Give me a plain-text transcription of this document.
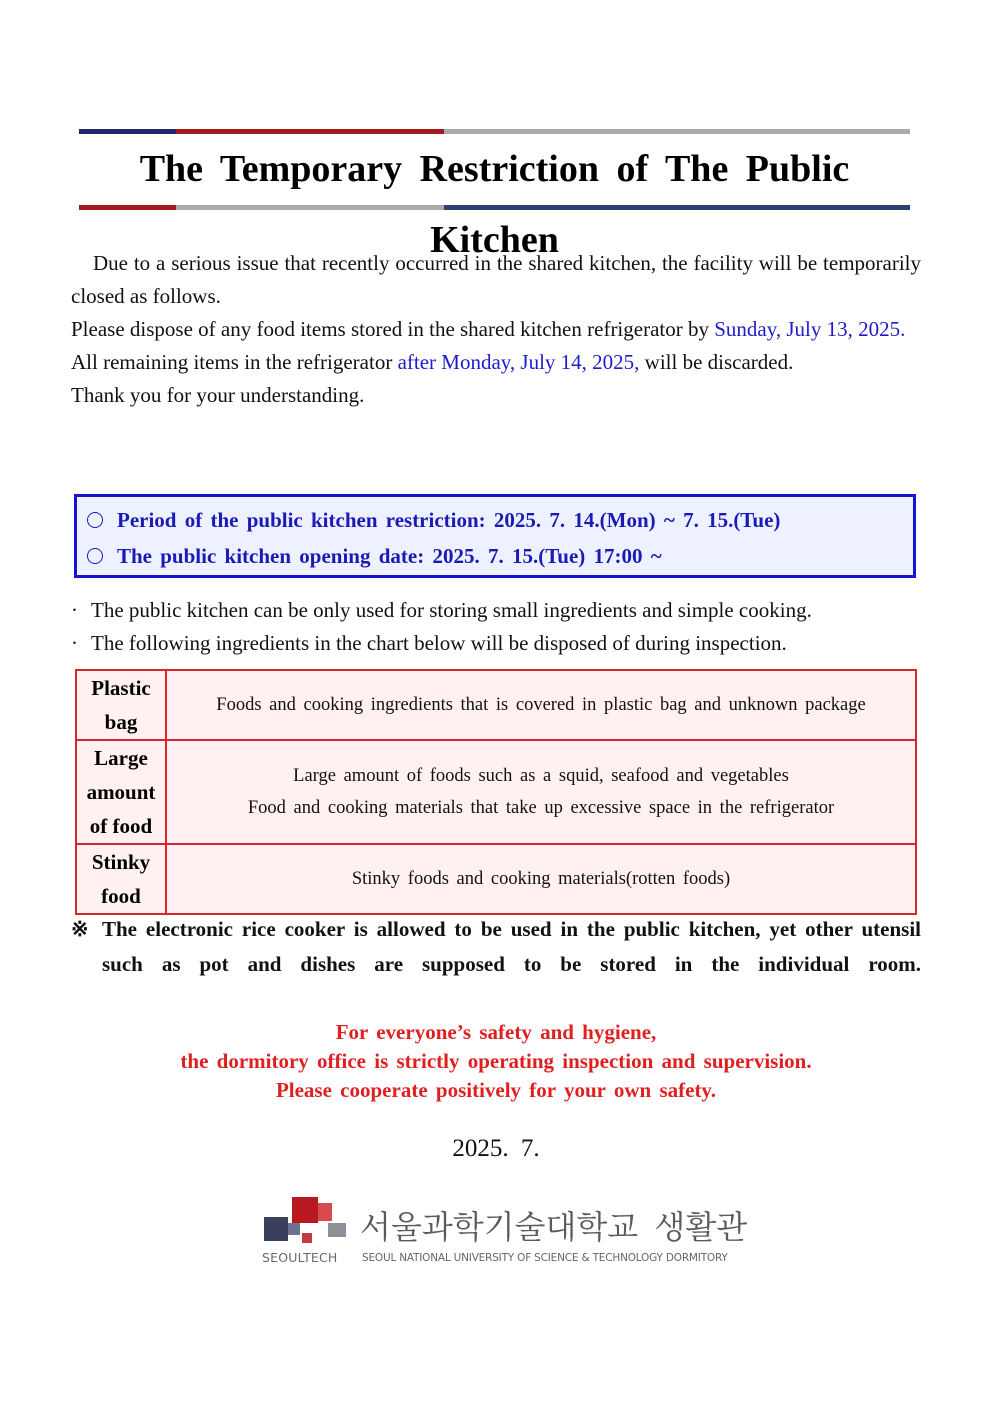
The Temporary Restriction of The Public Kitchen

Due to a serious issue that recently occurred in the shared kitchen, the facility will be temporarily closed as follows.

Please dispose of any food items stored in the shared kitchen refrigerator by Sunday, July 13, 2025.

All remaining items in the refrigerator after Monday, July 14, 2025, will be discarded.

Thank you for your understanding.

Period of the public kitchen restriction: 2025. 7. 14.(Mon) ~ 7. 15.(Tue)
The public kitchen opening date: 2025. 7. 15.(Tue) 17:00 ~
· The public kitchen can be only used for storing small ingredients and simple cooking.
· The following ingredients in the chart below will be disposed of during inspection.
Plastic bag	Foods and cooking ingredients that is covered in plastic bag and unknown package

Large amount of food	Large amount of foods such as a squid, seafood and vegetables
Food and cooking materials that take up excessive space in the refrigerator

Stinky food	Stinky foods and cooking materials(rotten foods)
※ The electronic rice cooker is allowed to be used in the public kitchen, yet other utensil such as pot and dishes are supposed to be stored in the individual room.

For everyone’s safety and hygiene,
the dormitory office is strictly operating inspection and supervision.
Please cooperate positively for your own safety.
2025. 7.
SEOULTECH
서울과학기술대학교 생활관
SEOUL NATIONAL UNIVERSITY OF SCIENCE & TECHNOLOGY DORMITORY
